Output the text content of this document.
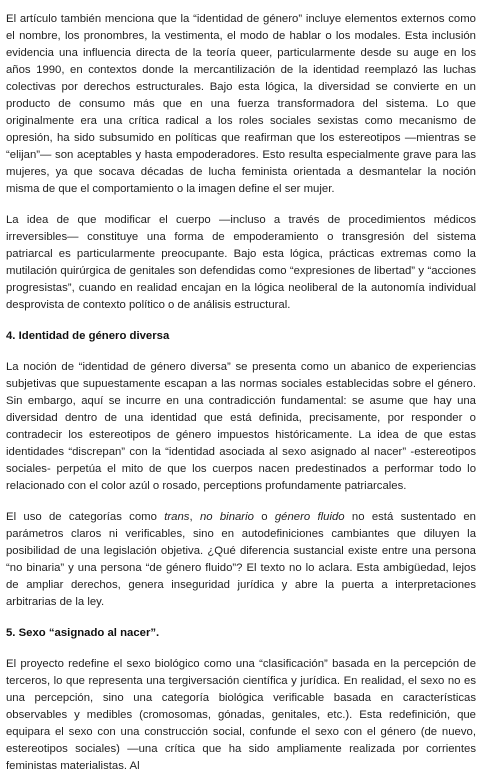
El artículo también menciona que la “identidad de género” incluye elementos externos como el nombre, los pronombres, la vestimenta, el modo de hablar o los modales. Esta inclusión evidencia una influencia directa de la teoría queer, particularmente desde su auge en los años 1990, en contextos donde la mercantilización de la identidad reemplazó las luchas colectivas por derechos estructurales. Bajo esta lógica, la diversidad se convierte en un producto de consumo más que en una fuerza transformadora del sistema. Lo que originalmente era una crítica radical a los roles sociales sexistas como mecanismo de opresión, ha sido subsumido en políticas que reafirman que los estereotipos —mientras se “elijan”— son aceptables y hasta empoderadores. Esto resulta especialmente grave para las mujeres, ya que socava décadas de lucha feminista orientada a desmantelar la noción misma de que el comportamiento o la imagen define el ser mujer.

La idea de que modificar el cuerpo —incluso a través de procedimientos médicos irreversibles— constituye una forma de empoderamiento o transgresión del sistema patriarcal es particularmente preocupante. Bajo esta lógica, prácticas extremas como la mutilación quirúrgica de genitales son defendidas como “expresiones de libertad” y “acciones progresistas”, cuando en realidad encajan en la lógica neoliberal de la autonomía individual desprovista de contexto político o de análisis estructural.

4. Identidad de género diversa

La noción de “identidad de género diversa” se presenta como un abanico de experiencias subjetivas que supuestamente escapan a las normas sociales establecidas sobre el género. Sin embargo, aquí se incurre en una contradicción fundamental: se asume que hay una diversidad dentro de una identidad que está definida, precisamente, por responder o contradecir los estereotipos de género impuestos históricamente. La idea de que estas identidades “discrepan” con la “identidad asociada al sexo asignado al nacer” -estereotipos sociales- perpetúa el mito de que los cuerpos nacen predestinados a performar todo lo relacionado con el color azúl o rosado, perceptions profundamente patriarcales.

El uso de categorías como trans, no binario o género fluido no está sustentado en parámetros claros ni verificables, sino en autodefiniciones cambiantes que diluyen la posibilidad de una legislación objetiva. ¿Qué diferencia sustancial existe entre una persona “no binaria” y una persona “de género fluido”? El texto no lo aclara. Esta ambigüedad, lejos de ampliar derechos, genera inseguridad jurídica y abre la puerta a interpretaciones arbitrarias de la ley.

5. Sexo “asignado al nacer”.

El proyecto redefine el sexo biológico como una “clasificación” basada en la percepción de terceros, lo que representa una tergiversación científica y jurídica. En realidad, el sexo no es una percepción, sino una categoría biológica verificable basada en características observables y medibles (cromosomas, gónadas, genitales, etc.). Esta redefinición, que equipara el sexo con una construcción social, confunde el sexo con el género (de nuevo, estereotipos sociales) —una crítica que ha sido ampliamente realizada por corrientes feministas materialistas. Al
